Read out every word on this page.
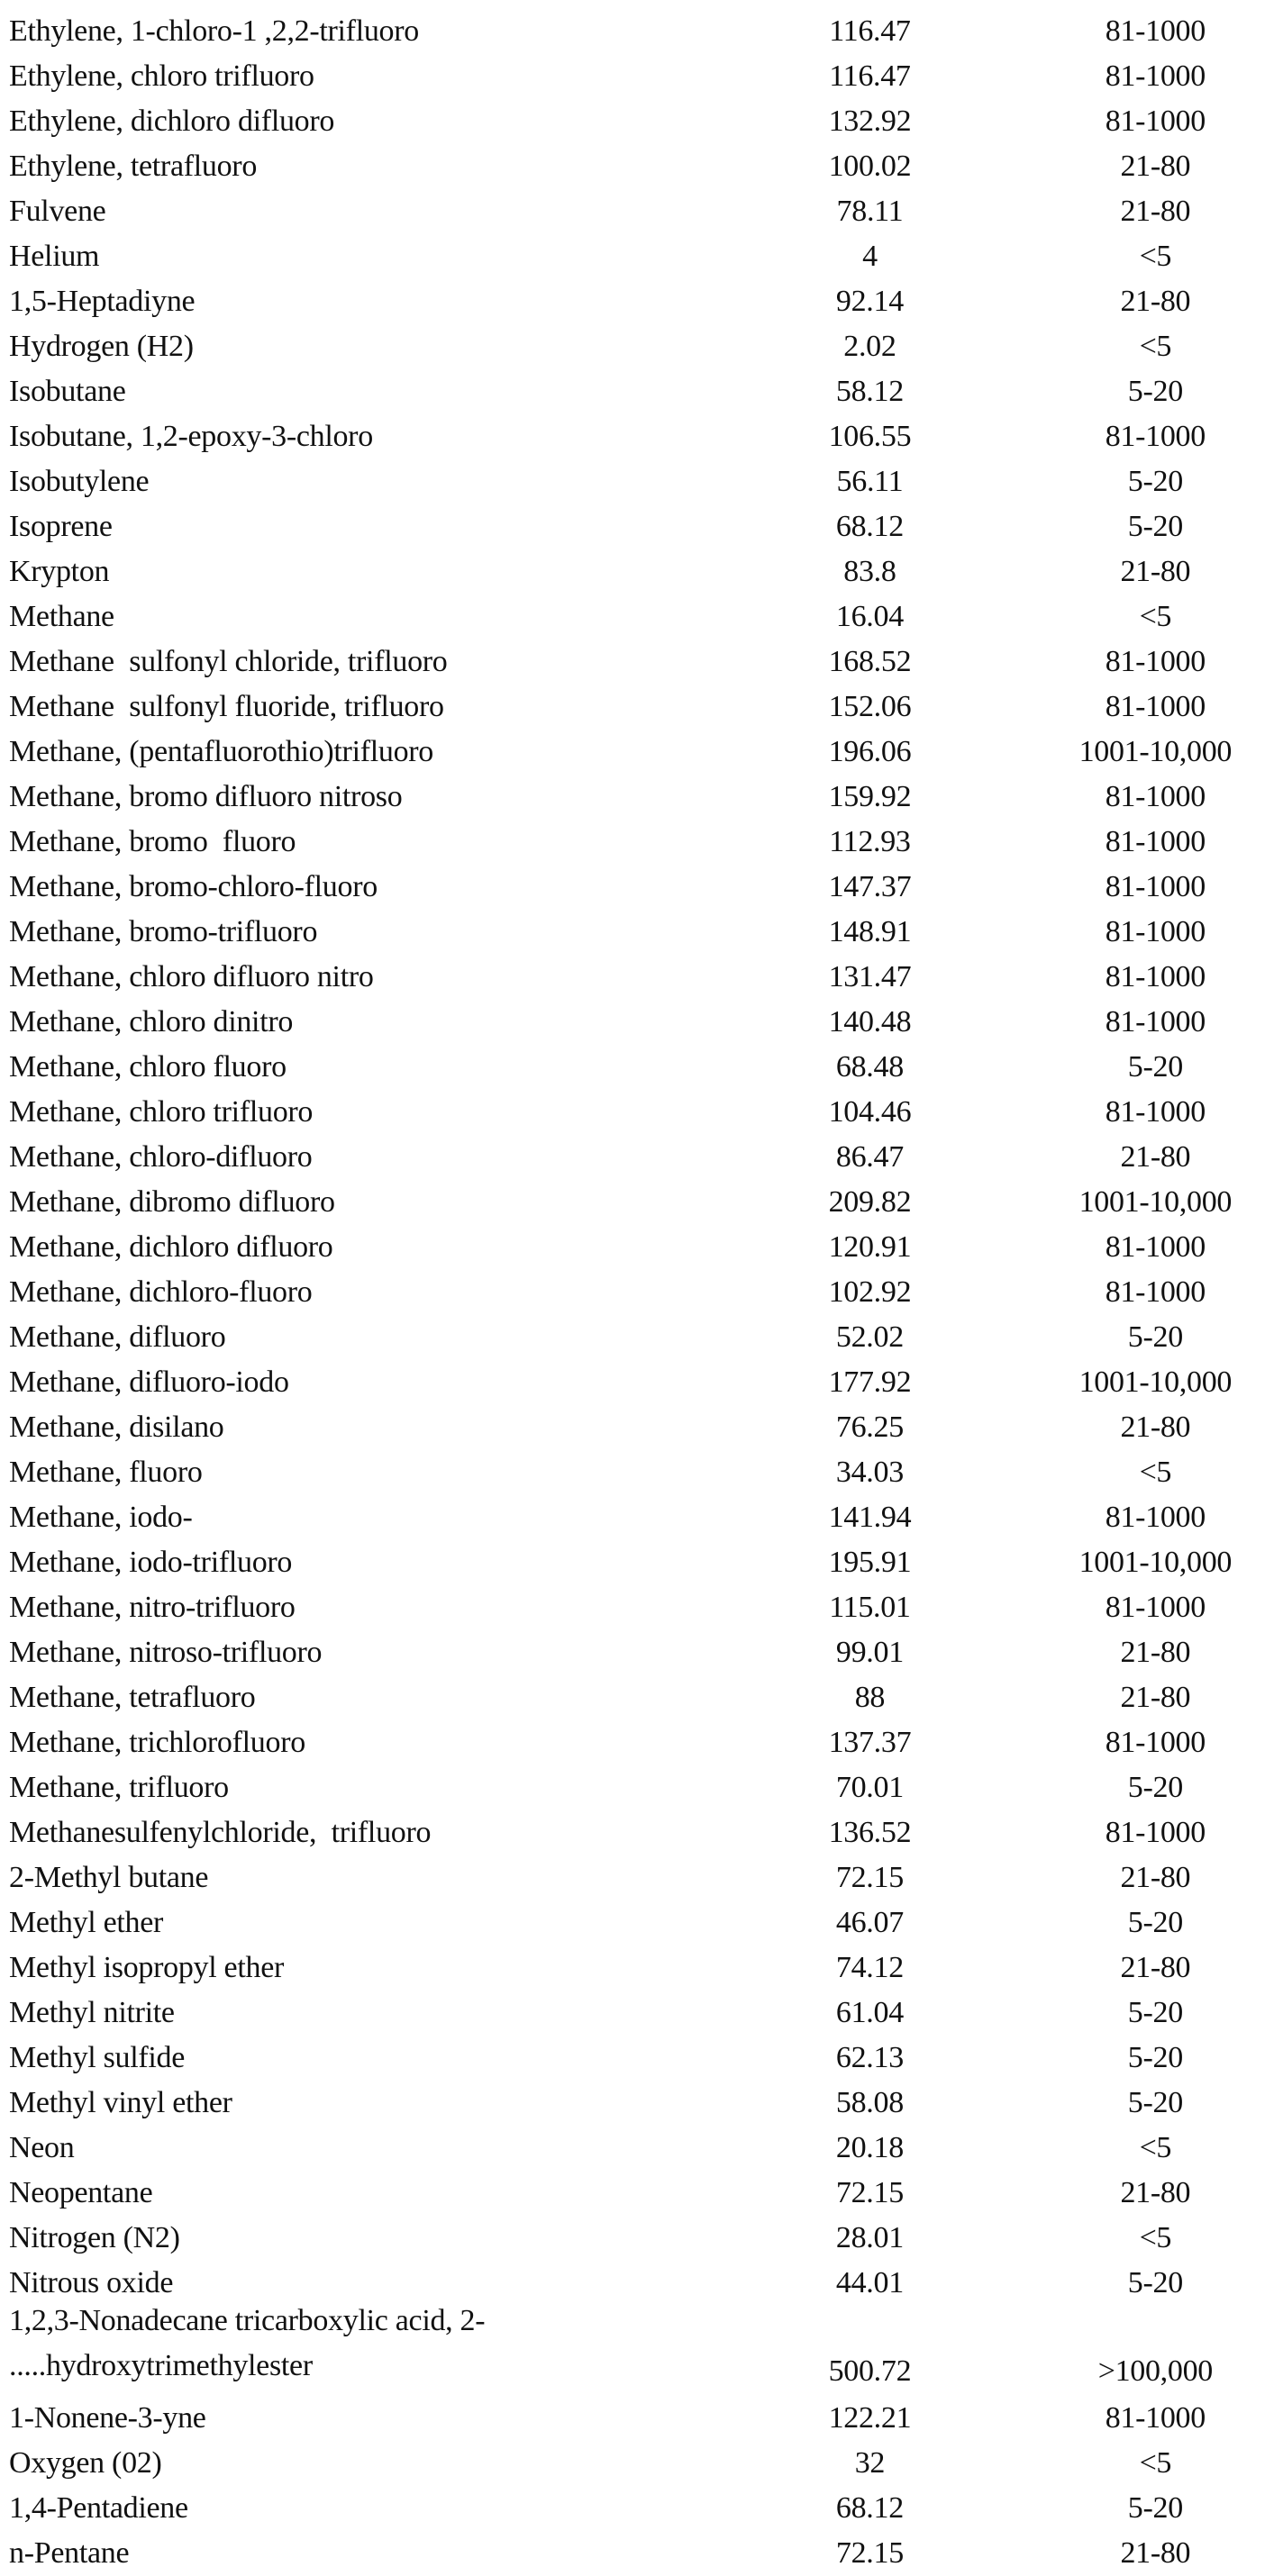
Ethylene, 1-chloro-1 ,2,2-trifluoro	116.47	81-1000
Ethylene, chloro trifluoro	116.47	81-1000
Ethylene, dichloro difluoro	132.92	81-1000
Ethylene, tetrafluoro	100.02	21-80
Fulvene	78.11	21-80
Helium	4	<5
1,5-Heptadiyne	92.14	21-80
Hydrogen (H2)	2.02	<5
Isobutane	58.12	5-20
Isobutane, 1,2-epoxy-3-chloro	106.55	81-1000
Isobutylene	56.11	5-20
Isoprene	68.12	5-20
Krypton	83.8	21-80
Methane	16.04	<5
Methane  sulfonyl chloride, trifluoro	168.52	81-1000
Methane  sulfonyl fluoride, trifluoro	152.06	81-1000
Methane, (pentafluorothio)trifluoro	196.06	1001-10,000
Methane, bromo difluoro nitroso	159.92	81-1000
Methane, bromo  fluoro	112.93	81-1000
Methane, bromo-chloro-fluoro	147.37	81-1000
Methane, bromo-trifluoro	148.91	81-1000
Methane, chloro difluoro nitro	131.47	81-1000
Methane, chloro dinitro	140.48	81-1000
Methane, chloro fluoro	68.48	5-20
Methane, chloro trifluoro	104.46	81-1000
Methane, chloro-difluoro	86.47	21-80
Methane, dibromo difluoro	209.82	1001-10,000
Methane, dichloro difluoro	120.91	81-1000
Methane, dichloro-fluoro	102.92	81-1000
Methane, difluoro	52.02	5-20
Methane, difluoro-iodo	177.92	1001-10,000
Methane, disilano	76.25	21-80
Methane, fluoro	34.03	<5
Methane, iodo-	141.94	81-1000
Methane, iodo-trifluoro	195.91	1001-10,000
Methane, nitro-trifluoro	115.01	81-1000
Methane, nitroso-trifluoro	99.01	21-80
Methane, tetrafluoro	88	21-80
Methane, trichlorofluoro	137.37	81-1000
Methane, trifluoro	70.01	5-20
Methanesulfenylchloride,  trifluoro	136.52	81-1000
2-Methyl butane	72.15	21-80
Methyl ether	46.07	5-20
Methyl isopropyl ether	74.12	21-80
Methyl nitrite	61.04	5-20
Methyl sulfide	62.13	5-20
Methyl vinyl ether	58.08	5-20
Neon	20.18	<5
Neopentane	72.15	21-80
Nitrogen (N2)	28.01	<5
Nitrous oxide	44.01	5-20
1,2,3-Nonadecane tricarboxylic acid, 2-
.....hydroxytrimethylester	500.72	>100,000
1-Nonene-3-yne	122.21	81-1000
Oxygen (02)	32	<5
1,4-Pentadiene	68.12	5-20
n-Pentane	72.15	21-80
